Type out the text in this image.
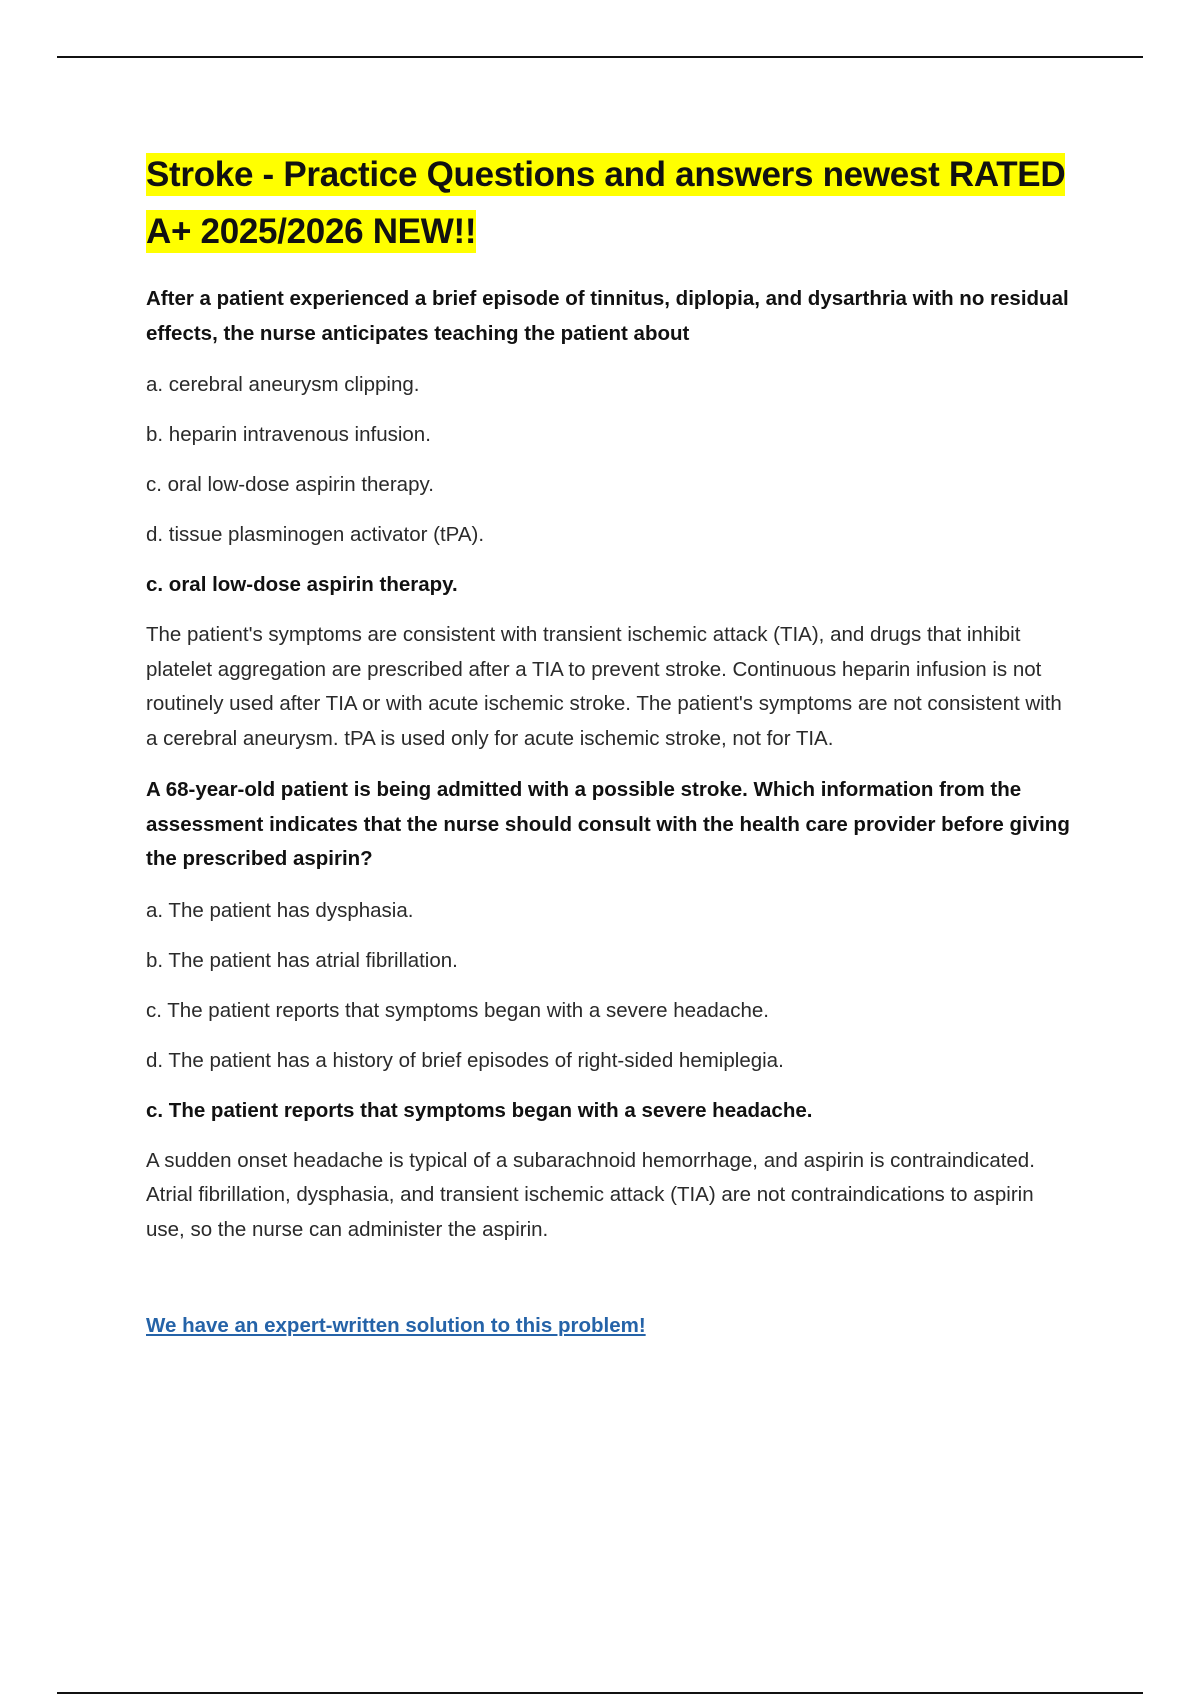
Stroke - Practice Questions and answers newest RATED A+ 2025/2026 NEW!!

After a patient experienced a brief episode of tinnitus, diplopia, and dysarthria with no residual effects, the nurse anticipates teaching the patient about

a. cerebral aneurysm clipping.

b. heparin intravenous infusion.

c. oral low-dose aspirin therapy.

d. tissue plasminogen activator (tPA).

c. oral low-dose aspirin therapy.

The patient's symptoms are consistent with transient ischemic attack (TIA), and drugs that inhibit platelet aggregation are prescribed after a TIA to prevent stroke. Continuous heparin infusion is not routinely used after TIA or with acute ischemic stroke. The patient's symptoms are not consistent with a cerebral aneurysm. tPA is used only for acute ischemic stroke, not for TIA.

A 68-year-old patient is being admitted with a possible stroke. Which information from the assessment indicates that the nurse should consult with the health care provider before giving the prescribed aspirin?

a. The patient has dysphasia.

b. The patient has atrial fibrillation.

c. The patient reports that symptoms began with a severe headache.

d. The patient has a history of brief episodes of right-sided hemiplegia.

c. The patient reports that symptoms began with a severe headache.

A sudden onset headache is typical of a subarachnoid hemorrhage, and aspirin is contraindicated. Atrial fibrillation, dysphasia, and transient ischemic attack (TIA) are not contraindications to aspirin use, so the nurse can administer the aspirin.

We have an expert-written solution to this problem!
